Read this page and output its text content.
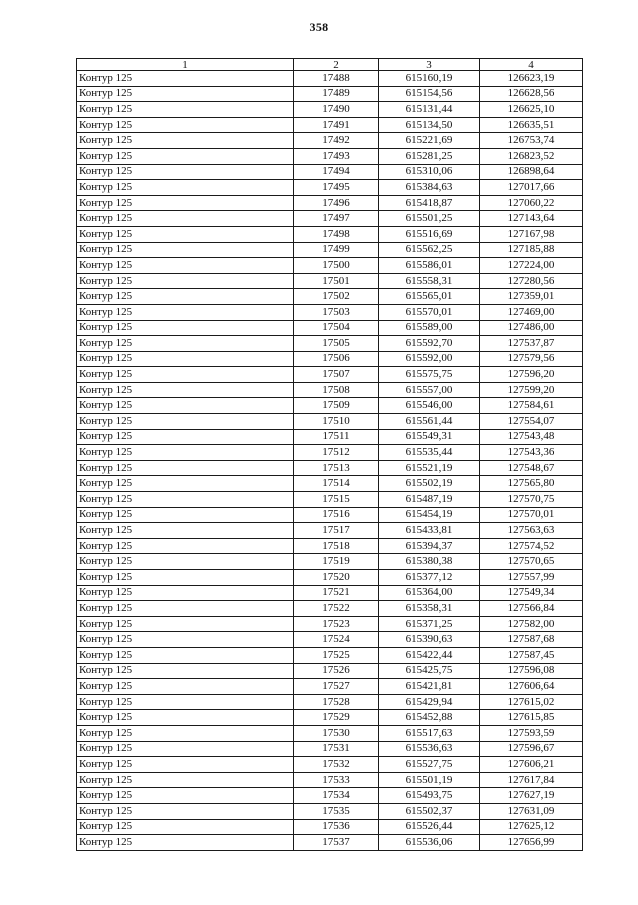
358
1	2	3	4
Контур 125	17488	615160,19	126623,19
Контур 125	17489	615154,56	126628,56
Контур 125	17490	615131,44	126625,10
Контур 125	17491	615134,50	126635,51
Контур 125	17492	615221,69	126753,74
Контур 125	17493	615281,25	126823,52
Контур 125	17494	615310,06	126898,64
Контур 125	17495	615384,63	127017,66
Контур 125	17496	615418,87	127060,22
Контур 125	17497	615501,25	127143,64
Контур 125	17498	615516,69	127167,98
Контур 125	17499	615562,25	127185,88
Контур 125	17500	615586,01	127224,00
Контур 125	17501	615558,31	127280,56
Контур 125	17502	615565,01	127359,01
Контур 125	17503	615570,01	127469,00
Контур 125	17504	615589,00	127486,00
Контур 125	17505	615592,70	127537,87
Контур 125	17506	615592,00	127579,56
Контур 125	17507	615575,75	127596,20
Контур 125	17508	615557,00	127599,20
Контур 125	17509	615546,00	127584,61
Контур 125	17510	615561,44	127554,07
Контур 125	17511	615549,31	127543,48
Контур 125	17512	615535,44	127543,36
Контур 125	17513	615521,19	127548,67
Контур 125	17514	615502,19	127565,80
Контур 125	17515	615487,19	127570,75
Контур 125	17516	615454,19	127570,01
Контур 125	17517	615433,81	127563,63
Контур 125	17518	615394,37	127574,52
Контур 125	17519	615380,38	127570,65
Контур 125	17520	615377,12	127557,99
Контур 125	17521	615364,00	127549,34
Контур 125	17522	615358,31	127566,84
Контур 125	17523	615371,25	127582,00
Контур 125	17524	615390,63	127587,68
Контур 125	17525	615422,44	127587,45
Контур 125	17526	615425,75	127596,08
Контур 125	17527	615421,81	127606,64
Контур 125	17528	615429,94	127615,02
Контур 125	17529	615452,88	127615,85
Контур 125	17530	615517,63	127593,59
Контур 125	17531	615536,63	127596,67
Контур 125	17532	615527,75	127606,21
Контур 125	17533	615501,19	127617,84
Контур 125	17534	615493,75	127627,19
Контур 125	17535	615502,37	127631,09
Контур 125	17536	615526,44	127625,12
Контур 125	17537	615536,06	127656,99
